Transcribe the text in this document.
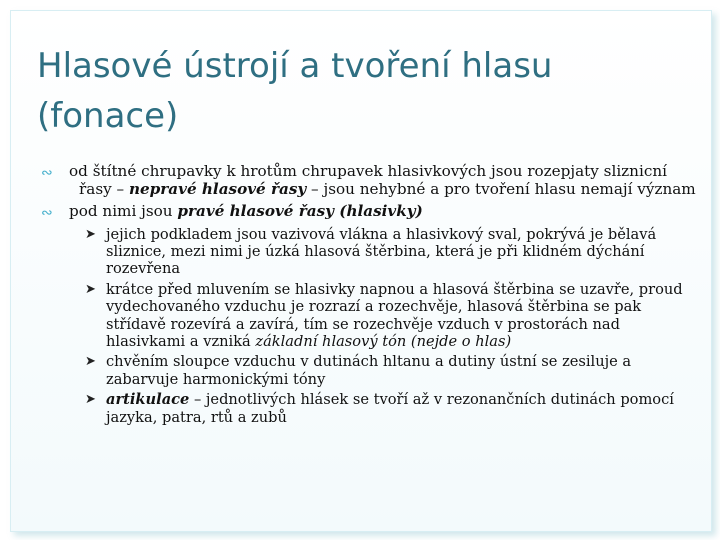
Hlasové ústrojí a tvoření hlasu
(fonace)
∾ od štítné chrupavky k hrotům chrupavek hlasivkových jsou rozepjaty sliznicní řasy – nepravé hlasové řasy – jsou nehybné a pro tvoření hlasu nemají význam
∾ pod nimi jsou pravé hlasové řasy (hlasivky)
➤ jejich podkladem jsou vazivová vlákna a hlasivkový sval, pokrývá je bělavá sliznice, mezi nimi je úzká hlasová štěrbina, která je při klidném dýchání rozevřena
➤ krátce před mluvením se hlasivky napnou a hlasová štěrbina se uzavře, proud vydechovaného vzduchu je rozrazí a rozechvěje, hlasová štěrbina se pak střídavě rozevírá a zavírá, tím se rozechvěje vzduch v prostorách nad hlasivkami a vzniká základní hlasový tón (nejde o hlas)
➤ chvěním sloupce vzduchu v dutinách hltanu a dutiny ústní se zesiluje a zabarvuje harmonickými tóny
➤ artikulace – jednotlivých hlásek se tvoří až v rezonančních dutinách pomocí jazyka, patra, rtů a zubů
